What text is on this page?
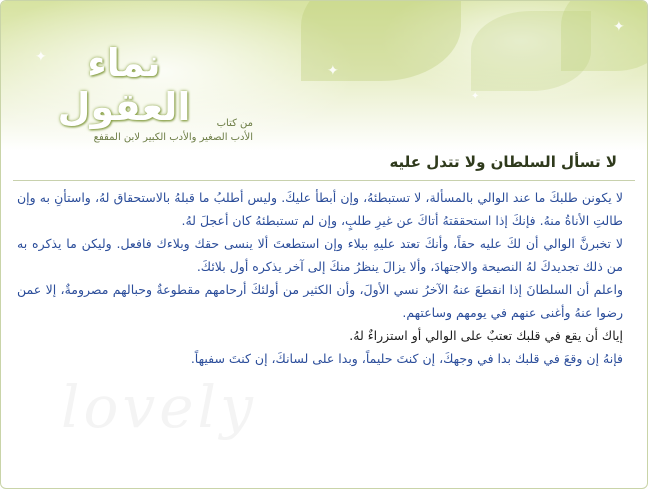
✦
✦
✦
✦
نماء
العقول	من كتاب
الأدب الصغير والأدب الكبير لابن المقفع
lovely
لا تسأل السلطان ولا تتدل عليه

لا يكونن طلبكَ ما عند الوالي بالمسألة، لا تستبطئهُ، وإن أبطأ عليكَ. وليس أطلبُ ما قبلهُ بالاستحقاق لهُ، واستأنِ به وإن طالتِ الأناةُ منهُ. فإنكَ إذا استحققتهُ أتاكَ عن غيرِ طلبٍ، وإن لم تستبطئهُ كان أعجلَ لهُ.

لا تخبرنَّ الوالي أن لكَ عليه حقاً، وأنكَ تعتد عليهِ ببلاء وإن استطعتَ ألا ينسى حقك وبلاءك فافعل. وليكن ما يذكره به من ذلك تجديدكَ لهُ النصيحة والاجتهادَ، وألا يزالَ ينظرُ منكَ إلى آخر يذكره أول بلائكَ.

واعلم أن السلطانَ إذا انقطعَ عنهُ الآخرُ نسي الأولَ، وأن الكثير من أولئكَ أرحامهم مقطوعةٌ وحبالهم مصرومةٌ، إلا عمن رضوا عنهُ وأغنى عنهم في يومهم وساعتهم.

إياك أن يقع في قلبك تعتبٌ على الوالي أو استزراءٌ لهُ.

فإنهُ إن وقعَ في قلبك بدا في وجهكَ، إن كنتَ حليماً، وبدا على لسانكَ، إن كنتَ سفيهاً.
